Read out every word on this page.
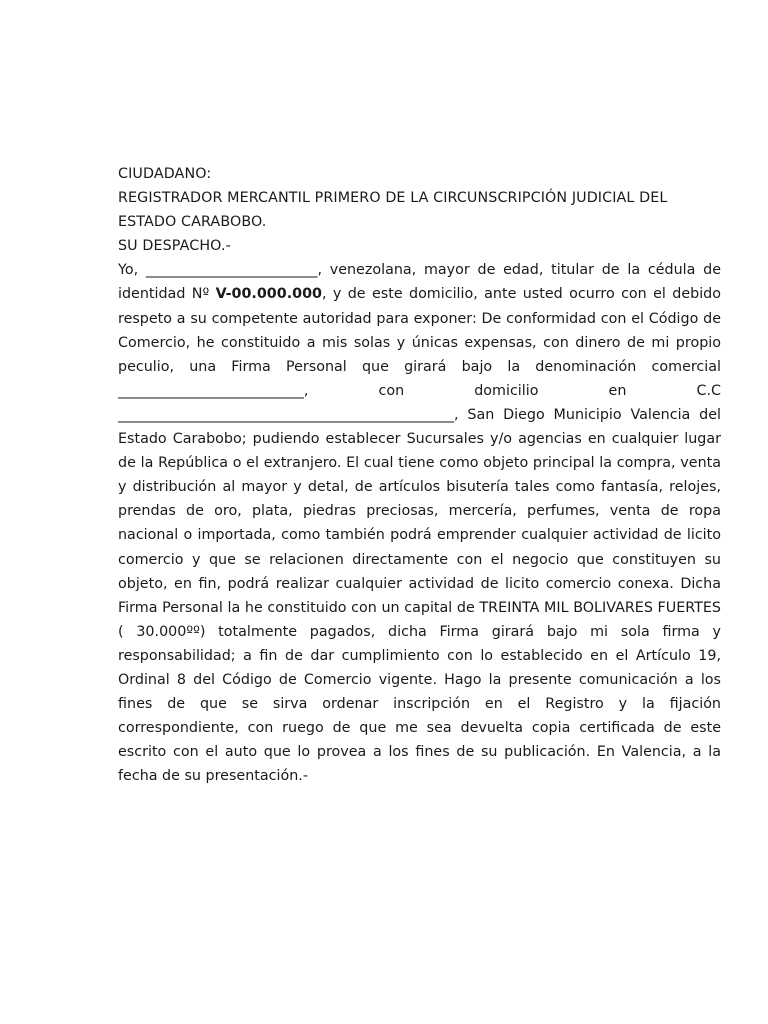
CIUDADANO:

REGISTRADOR MERCANTIL PRIMERO DE LA CIRCUNSCRIPCIÓN JUDICIAL DEL ESTADO CARABOBO.

SU DESPACHO.-

Yo, ________________________, venezolana, mayor de edad, titular de la cédula de identidad Nº V-00.000.000, y de este domicilio, ante usted ocurro con el debido respeto a su competente autoridad para exponer: De conformidad con el Código de Comercio, he constituido a mis solas y únicas expensas, con dinero de mi propio peculio, una Firma Personal que girará bajo la denominación comercial __________________________, con domicilio en C.C _______________________________________________, San Diego Municipio Valencia del Estado Carabobo; pudiendo establecer Sucursales y/o agencias en cualquier lugar de la República o el extranjero. El cual tiene como objeto principal la compra, venta y distribución al mayor y detal, de artículos bisutería tales como fantasía, relojes, prendas de oro, plata, piedras preciosas, mercería, perfumes, venta de ropa nacional o importada, como también podrá emprender cualquier actividad de licito comercio y que se relacionen directamente con el negocio que constituyen su objeto, en fin, podrá realizar cualquier actividad de licito comercio conexa. Dicha Firma Personal la he constituido con un capital de TREINTA MIL BOLIVARES FUERTES ( 30.000ºº) totalmente pagados, dicha Firma girará bajo mi sola firma y responsabilidad; a fin de dar cumplimiento con lo establecido en el Artículo 19, Ordinal 8 del Código de Comercio vigente. Hago la presente comunicación a los fines de que se sirva ordenar inscripción en el Registro y la fijación correspondiente, con ruego de que me sea devuelta copia certificada de este escrito con el auto que lo provea a los fines de su publicación. En Valencia, a la fecha de su presentación.-
